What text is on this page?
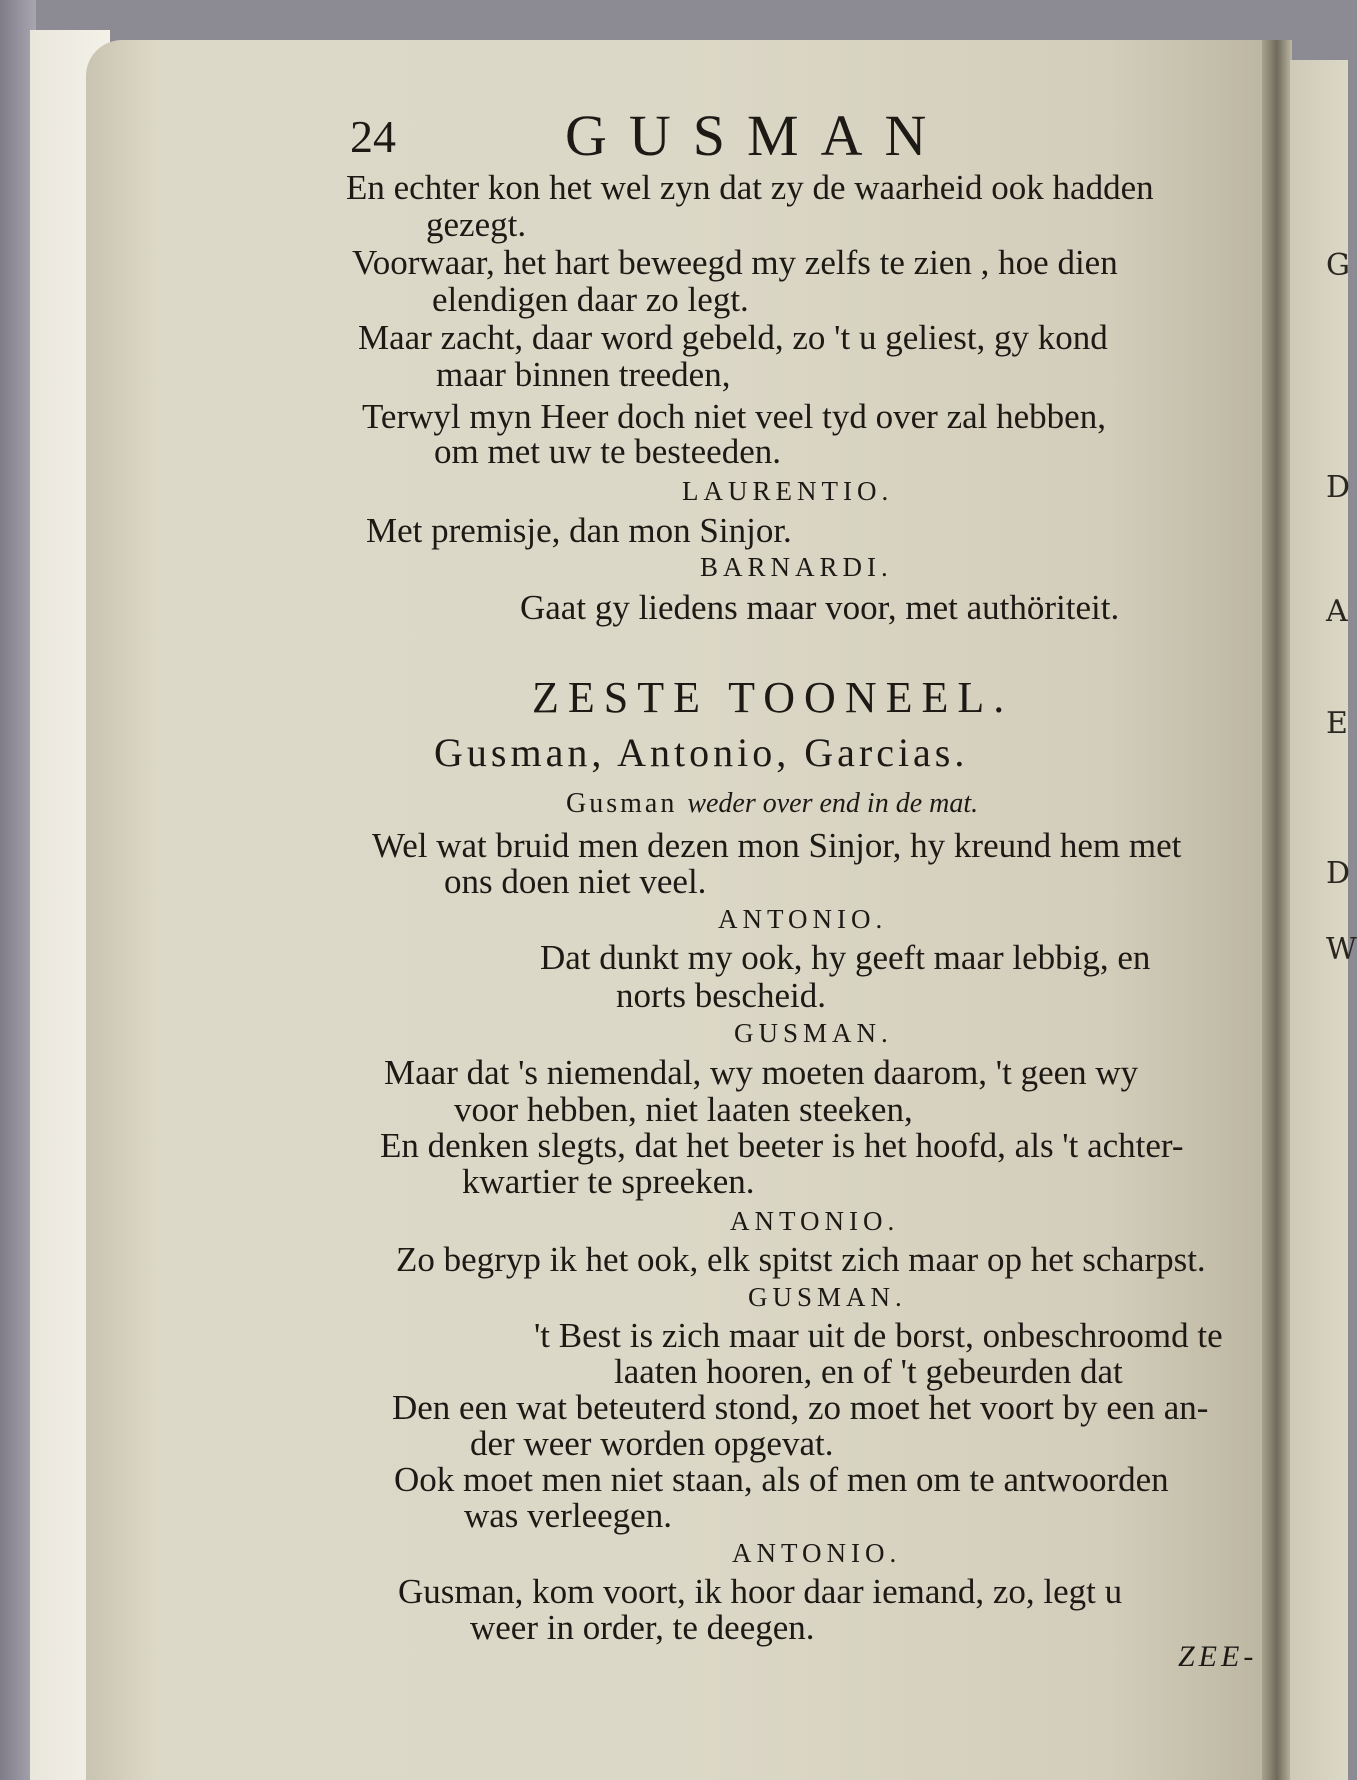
G
D
A
E
D
W
24	GUSMAN
En echter kon het wel zyn dat zy de waarheid ook hadden
gezegt.
Voorwaar, het hart beweegd my zelfs te zien , hoe dien
elendigen daar zo legt.
Maar zacht, daar word gebeld, zo 't u geliest, gy kond
maar binnen treeden,
Terwyl myn Heer doch niet veel tyd over zal hebben,
om met uw te besteeden.
LAURENTIO.
Met premisje, dan mon Sinjor.
BARNARDI.
Gaat gy liedens maar voor, met authöriteit.
ZESTE TOONEEL.
Gusman, Antonio, Garcias.
Gusman weder over end in de mat.
Wel wat bruid men dezen mon Sinjor, hy kreund hem met
ons doen niet veel.
ANTONIO.
Dat dunkt my ook, hy geeft maar lebbig, en
norts bescheid.
GUSMAN.
Maar dat 's niemendal, wy moeten daarom, 't geen wy
voor hebben, niet laaten steeken,
En denken slegts, dat het beeter is het hoofd, als 't achter-
kwartier te spreeken.
ANTONIO.
Zo begryp ik het ook, elk spitst zich maar op het scharpst.
GUSMAN.
't Best is zich maar uit de borst, onbeschroomd te
laaten hooren, en of 't gebeurden dat
Den een wat beteuterd stond, zo moet het voort by een an-
der weer worden opgevat.
Ook moet men niet staan, als of men om te antwoorden
was verleegen.
ANTONIO.
Gusman, kom voort, ik hoor daar iemand, zo, legt u
weer in order, te deegen.
ZEE-
